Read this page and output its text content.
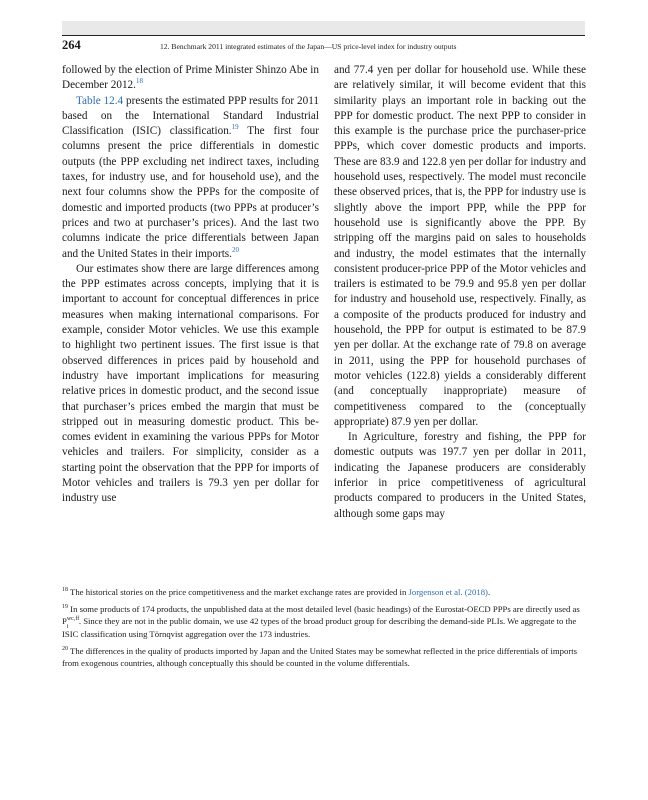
264	12. Benchmark 2011 integrated estimates of the Japan—US price-level index for industry outputs

followed by the election of Prime Minister Shinzo Abe in December 2012.18

Table 12.4 presents the estimated PPP results for 2011 based on the International Standard Industrial Classification (ISIC) classification.$^{19}$ The first four columns present the price differentials in domestic outputs (the PPP excluding net indirect taxes, including taxes, for industry use, and for household use), and the next four columns show the PPPs for the composite of domestic and imported products (two PPPs at producer’s prices and two at purchaser’s prices). And the last two columns indicate the price differentials between Japan and the United States in their imports.$^{20}$

Our estimates show there are large differences among the PPP estimates across concepts, implying that it is important to account for conceptual differences in price measures when making international comparisons. For example, consider Motor vehicles. We use this example to highlight two pertinent issues. The first issue is that observed differences in prices paid by household and industry have important implications for measuring relative prices in domestic product, and the second issue that purchaser’s prices embed the margin that must be stripped out in measuring domestic product. This becomes evident in examining the various PPPs for Motor vehicles and trailers. For simplicity, consider as a starting point the observation that the PPP for imports of Motor vehicles and trailers is 79.3 yen per dollar for industry use

and 77.4 yen per dollar for household use. While these are relatively similar, it will become evident that this similarity plays an important role in backing out the PPP for domestic product. The next PPP to consider in this example is the purchase price the purchaser-price PPPs, which cover domestic products and imports. These are 83.9 and 122.8 yen per dollar for industry and household uses, respectively. The model must reconcile these observed prices, that is, the PPP for industry use is slightly above the import PPP, while the PPP for household use is significantly above the PPP. By stripping off the margins paid on sales to households and industry, the model estimates that the internally consistent producer-price PPP of the Motor vehicles and trailers is estimated to be 79.9 and 95.8 yen per dollar for industry and household use, respectively. Finally, as a composite of the products produced for industry and household, the PPP for output is estimated to be 87.9 yen per dollar. At the exchange rate of 79.8 on average in 2011, using the PPP for household purchases of motor vehicles (122.8) yields a considerably different (and conceptually inappropriate) measure of competitiveness compared to the (conceptually appropriate) 87.9 yen per dollar.

In Agriculture, forestry and fishing, the PPP for domestic outputs was 197.7 yen per dollar in 2011, indicating the Japanese producers are considerably inferior in price competitiveness of agricultural products compared to producers in the United States, although some gaps may

$^{18}$ The historical stories on the price competitiveness and the market exchange rates are provided in Jorgenson et al. (2018).

$^{19}$ In some products of 174 products, the unpublished data at the most detailed level (basic headings) of the Eurostat-OECD PPPs are directly used as P wc,ff
i
. Since they are not in the public domain, we use 42 types of the broad product group for describing the demand-side PLIs. We aggregate to the ISIC classification using Törnqvist aggregation over the 173 industries.

$^{20}$ The differences in the quality of products imported by Japan and the United States may be somewhat reflected in the price differentials of imports from exogenous countries, although conceptually this should be counted in the volume differentials.
